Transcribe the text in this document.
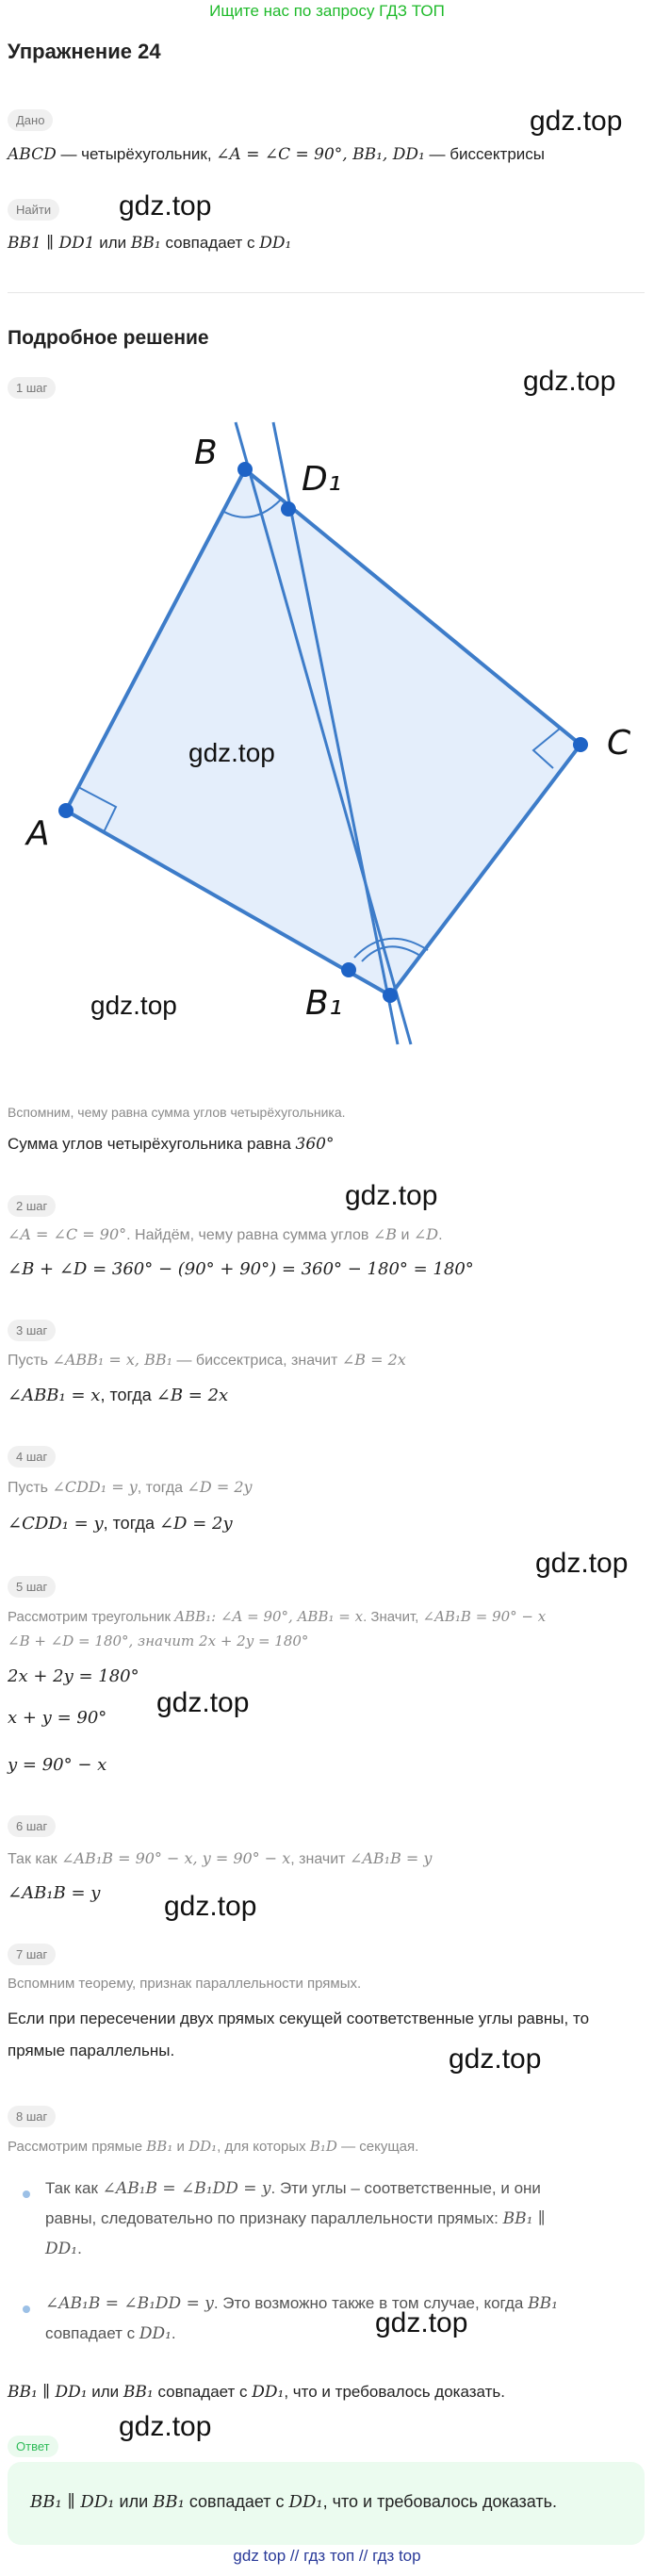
Ищите нас по запросу ГДЗ ТОП
Упражнение 24
Дано	gdz.top
ABCD — четырёхугольник, ∠A = ∠C = 90°, BB₁, DD₁ — биссектрисы
Найти	gdz.top
BB1 ∥ DD1 или BB₁ совпадает с DD₁
Подробное решение
1 шаг	gdz.top
B
D₁
C
A
B₁
gdz.top
gdz.top
Вспомним, чему равна сумма углов четырёхугольника.
Сумма углов четырёхугольника равна 360°
gdz.top
2 шаг
∠A = ∠C = 90°. Найдём, чему равна сумма углов ∠B и ∠D.
∠B + ∠D = 360° − (90° + 90°) = 360° − 180° = 180°
3 шаг
Пусть ∠ABB₁ = x, BB₁ — биссектриса, значит ∠B = 2x
∠ABB₁ = x, тогда ∠B = 2x
4 шаг
Пусть ∠CDD₁ = y, тогда ∠D = 2y
∠CDD₁ = y, тогда ∠D = 2y
gdz.top
5 шаг
Рассмотрим треугольник ABB₁: ∠A = 90°, ABB₁ = x. Значит, ∠AB₁B = 90° − x
∠B + ∠D = 180°, значит 2x + 2y = 180°
2x + 2y = 180°
gdz.top
x + y = 90°
y = 90° − x
6 шаг
Так как ∠AB₁B = 90° − x, y = 90° − x, значит ∠AB₁B = y
∠AB₁B = y gdz.top
7 шаг
Вспомним теорему, признак параллельности прямых.
Если при пересечении двух прямых секущей соответственные углы равны, то
прямые параллельны.	gdz.top
8 шаг
Рассмотрим прямые BB₁ и DD₁, для которых B₁D — секущая.
Так как ∠AB₁B = ∠B₁DD = y. Эти углы – соответственные, и они
равны, следовательно по признаку параллельности прямых: BB₁ ∥
DD₁.
∠AB₁B = ∠B₁DD = y. Это возможно также в том случае, когда BB₁
совпадает с DD₁.	gdz.top
BB₁ ∥ DD₁ или BB₁ совпадает с DD₁, что и требовалось доказать.
gdz.top
Ответ
BB₁ ∥ DD₁ или BB₁ совпадает с DD₁, что и требовалось доказать.
gdz top // гдз топ // гдз top
